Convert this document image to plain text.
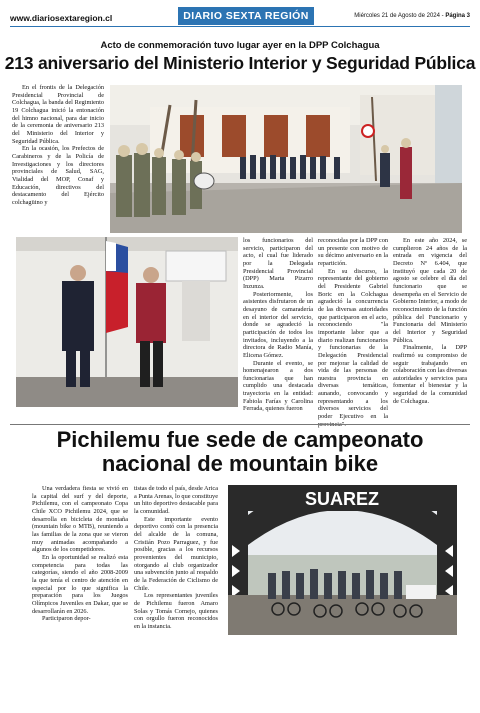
www.diariosextaregion.cl	DIARIO SEXTA REGIÓN	Miércoles 21 de Agosto de 2024 - Página 3
Acto de conmemoración tuvo lugar ayer en la DPP Colchagua
213 aniversario del Ministerio Interior y Seguridad Pública

En el frontis de la Delegación Presidencial Provincial de Colchagua, la banda del Regimiento 19 Colchagua inició la entonación del himno nacional, para dar inicio de la ceremonia de aniversario 213 del Ministerio del Interior y Seguridad Pública.

En la ocasión, los Prefectos de Carabineros y de la Policía de Investigaciones y los directores provinciales de Salud, SAG, Vialidad del MOP, Conaf y Educación, directivos del destacamento del Ejército colchagüino y

los funcionarios del servicio, participaron del acto, el cual fue liderado por la Delegada Presidencial Provincial (DPP) Marta Pizarro Inzunza.

Posteriormente, los asistentes disfrutaron de un desayuno de camaradería en el interior del servicio, donde se agradeció la participación de todos los invitados, incluyendo a la directora de Radio Manía, Elicena Gómez.

Durante el evento, se homenajearon a dos funcionarias que han cumplido una destacada trayectoria en la entidad: Fabiola Farías y Carolina Ferrada, quienes fueron

reconocidas por la DPP con un presente con motivo de su décimo aniversario en la repartición.

En su discurso, la representante del gobierno del Presidente Gabriel Boric en la Colchagua agradeció la concurrencia de las diversas autoridades que participaron en el acto, reconociendo "la importante labor que a diario realizan funcionarios y funcionarias de la Delegación Presidencial por mejorar la calidad de vida de las personas de nuestra provincia en diversas temáticas, aunando, convocando y representando a los diversos servicios del poder Ejecutivo en la

En este año 2024, se cumplieron 24 años de la entrada en vigencia del Decreto Nº 6.404, que instituyó que cada 20 de agosto se celebre el día del funcionario que se desempeña en el Servicio de Gobierno Interior, a modo de reconocimiento de la función pública del Funcionario y Funcionaria del Ministerio del Interior y Seguridad Pública.

Finalmente, la DPP reafirmó su compromiso de seguir trabajando en colaboración con las diversas autoridades y servicios para fomentar el bienestar y la seguridad de la comunidad de Colchagua.

Pichilemu fue sede de campeonato
nacional de mountain bike

Una verdadera fiesta se vivió en la capital del surf y del deporte, Pichilemu, con el campeonato Copa Chile XCO Pichilemu 2024, que se desarrolla en bicicleta de montaña (mountain bike o MTB), reuniendo a las familias de la zona que se vieron muy animadas acompañando a algunos de los competidores.

En la oportunidad se realizó esta competencia para todas las categorías, siendo el año 2008-2009 la que tenía el centro de atención en especial por lo que significa la preparación para los Juegos Olímpicos Juveniles en Dakar, que se desarrollarán en 2026.

Participaron depor-

tistas de todo el país, desde Arica a Punta Arenas, lo que constituye un hito deportivo destacable para la comunidad.

Este importante evento deportivo contó con la presencia del alcalde de la comuna, Cristián Pozo Parraguez, y fue posible, gracias a los recursos provenientes del municipio, otorgando al club organizador una subvención junto al respaldo de la Federación de Ciclismo de Chile.

Los representantes juveniles de Pichilemu fueron Amaro Solas y Tomás Cornejo, quienes con orgullo fueron reconocidos en la instancia.

SUAREZ
